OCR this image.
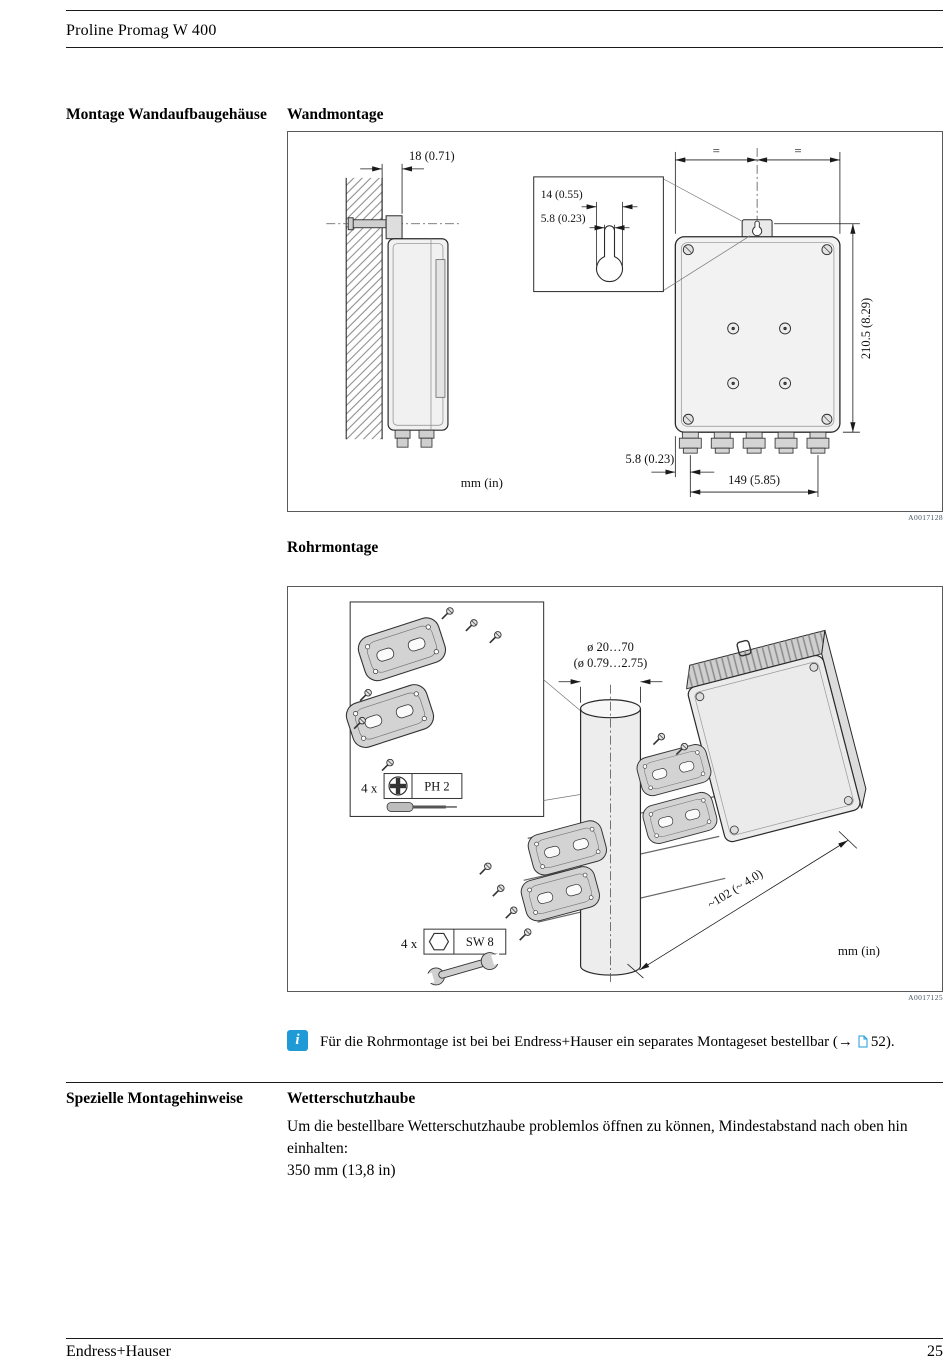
Proline Promag W 400
Montage Wandaufbaugehäuse Wandmontage
18 (0.71)	=	=
210.5 (8.29)
5.8 (0.23)
149 (5.85)
mm (in)
14 (0.55)
5.8 (0.23)
A0017128
Rohrmontage
4 x	PH 2
ø 20…70
(ø 0.79…2.75)
4 x	SW 8
~102 (~ 4.0)
mm (in)
A0017125
i	Für die Rohrmontage ist bei bei Endress+Hauser ein separates Montageset bestellbar (→ 52).
Spezielle Montagehinweise	Wetterschutzhaube
Um die bestellbare Wetterschutzhaube problemlos öffnen zu können, Mindestabstand nach oben hin einhalten:
350 mm (13,8 in)
Endress+Hauser	25
